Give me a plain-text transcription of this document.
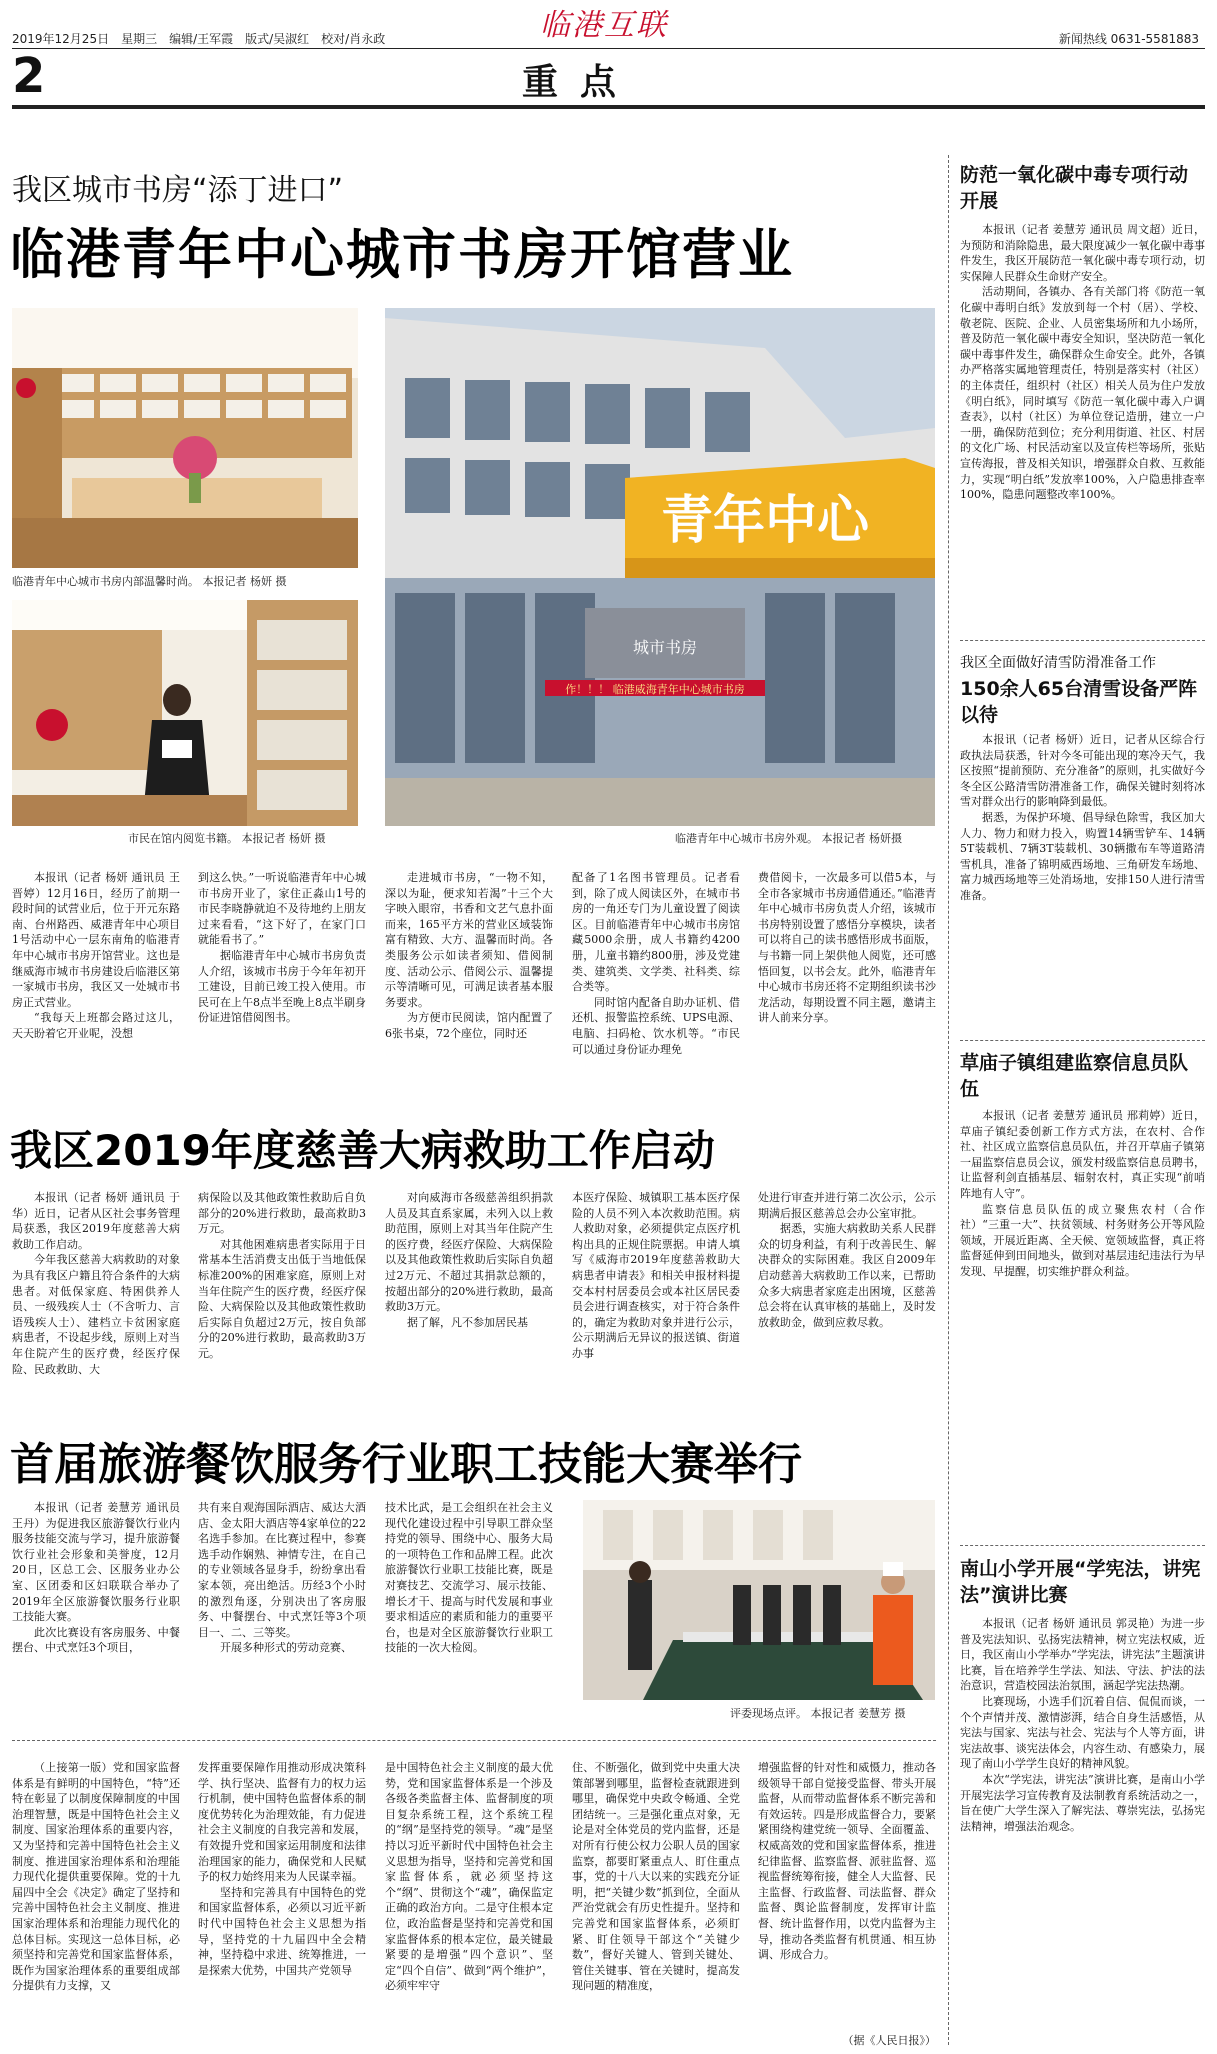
2019年12月25日　星期三　编辑/王军霞　版式/吴淑红　校对/肖永政	临港互联	新闻热线 0631-5581883
2	重点
我区城市书房“添丁进口”
临港青年中心城市书房开馆营业
临港青年中心城市书房内部温馨时尚。 本报记者 杨妍 摄
市民在馆内阅览书籍。 本报记者 杨妍 摄
青年中心
城市书房
作！！！ 临港威海青年中心城市书房
临港青年中心城市书房外观。 本报记者 杨妍摄

本报讯（记者 杨妍 通讯员 王晋婷）12月16日，经历了前期一段时间的试营业后，位于开元东路南、台州路西、威港青年中心项目1号活动中心一层东南角的临港青年中心城市书房开馆营业。这也是继威海市城市书房建设后临港区第一家城市书房，我区又一处城市书房正式营业。

“我每天上班都会路过这儿，天天盼着它开业呢，没想

到这么快。”一听说临港青年中心城市书房开业了，家住正淼山1号的市民李晓静就迫不及待地约上朋友过来看看，“这下好了，在家门口就能看书了。”

据临港青年中心城市书房负责人介绍，该城市书房于今年年初开工建设，目前已竣工投入使用。市民可在上午8点半至晚上8点半刷身份证进馆借阅图书。

走进城市书房，“一物不知，深以为耻，便求知若渴”十三个大字映入眼帘，书香和文艺气息扑面而来，165平方米的营业区域装饰富有精致、大方、温馨而时尚。各类服务公示如读者须知、借阅制度、活动公示、借阅公示、温馨提示等清晰可见，可满足读者基本服务要求。

为方便市民阅读，馆内配置了6张书桌，72个座位，同时还

配备了1名图书管理员。记者看到，除了成人阅读区外，在城市书房的一角还专门为儿童设置了阅读区。目前临港青年中心城市书房馆藏5000余册，成人书籍约4200册，儿童书籍约800册，涉及党建类、建筑类、文学类、社科类、综合类等。

同时馆内配备自助办证机、借还机、报警监控系统、UPS电源、电脑、扫码枪、饮水机等。“市民可以通过身份证办理免

费借阅卡，一次最多可以借5本，与全市各家城市书房通借通还。”临港青年中心城市书房负责人介绍，该城市书房特别设置了感悟分享模块，读者可以将自己的读书感悟形成书面版，与书籍一同上架供他人阅览，还可感悟回复，以书会友。此外，临港青年中心城市书房还将不定期组织读书沙龙活动，每期设置不同主题，邀请主讲人前来分享。

我区2019年度慈善大病救助工作启动

本报讯（记者 杨妍 通讯员 于华）近日，记者从区社会事务管理局获悉，我区2019年度慈善大病救助工作启动。

今年我区慈善大病救助的对象为具有我区户籍且符合条件的大病患者。对低保家庭、特困供养人员、一级残疾人士（不含听力、言语残疾人士）、建档立卡贫困家庭病患者，不设起步线，原则上对当年住院产生的医疗费，经医疗保险、民政救助、大

病保险以及其他政策性救助后自负部分的20%进行救助，最高救助3万元。

对其他困难病患者实际用于日常基本生活消费支出低于当地低保标准200%的困难家庭，原则上对当年住院产生的医疗费，经医疗保险、大病保险以及其他政策性救助后实际自负超过2万元，按自负部分的20%进行救助，最高救助3万元。

对向威海市各级慈善组织捐款人员及其直系家属，未列入以上救助范围，原则上对其当年住院产生的医疗费，经医疗保险、大病保险以及其他政策性救助后实际自负超过2万元、不超过其捐款总额的，按超出部分的20%进行救助，最高救助3万元。

据了解，凡不参加居民基

本医疗保险、城镇职工基本医疗保险的人员不列入本次救助范围。病人救助对象，必须提供定点医疗机构出具的正规住院票据。申请人填写《威海市2019年度慈善救助大病患者申请表》和相关申报材料提交本村村居委员会或本社区居民委员会进行调查核实，对于符合条件的，确定为救助对象并进行公示，公示期满后无异议的报送镇、街道办事

处进行审查并进行第二次公示，公示期满后报区慈善总会办公室审批。

据悉，实施大病救助关系人民群众的切身利益，有利于改善民生、解决群众的实际困难。我区自2009年启动慈善大病救助工作以来，已帮助众多大病患者家庭走出困境，区慈善总会将在认真审核的基础上，及时发放救助金，做到应救尽救。

首届旅游餐饮服务行业职工技能大赛举行

本报讯（记者 姜慧芳 通讯员 王丹）为促进我区旅游餐饮行业内服务技能交流与学习，提升旅游餐饮行业社会形象和美誉度，12月20日，区总工会、区服务业办公室、区团委和区妇联联合举办了2019年全区旅游餐饮服务行业职工技能大赛。

此次比赛设有客房服务、中餐摆台、中式烹饪3个项目，

共有来自观海国际酒店、威达大酒店、金太阳大酒店等4家单位的22名选手参加。在比赛过程中，参赛选手动作娴熟、神情专注，在自己的专业领域各显身手，纷纷拿出看家本领，亮出绝活。历经3个小时的激烈角逐，分别决出了客房服务、中餐摆台、中式烹饪等3个项目一、二、三等奖。

开展多种形式的劳动竞赛、

技术比武，是工会组织在社会主义现代化建设过程中引导职工群众坚持党的领导、围绕中心、服务大局的一项特色工作和品牌工程。此次旅游餐饮行业职工技能比赛，既是对赛技艺、交流学习、展示技能、增长才干、提高与时代发展和事业要求相适应的素质和能力的重要平台，也是对全区旅游餐饮行业职工技能的一次大检阅。

评委现场点评。 本报记者 姜慧芳 摄

（上接第一版）党和国家监督体系是有鲜明的中国特色，“特”还特在彰显了以制度保障制度的中国治理智慧，既是中国特色社会主义制度、国家治理体系的重要内容，又为坚持和完善中国特色社会主义制度、推进国家治理体系和治理能力现代化提供重要保障。党的十九届四中全会《决定》确定了坚持和完善中国特色社会主义制度、推进国家治理体系和治理能力现代化的总体目标。实现这一总体目标，必须坚持和完善党和国家监督体系，既作为国家治理体系的重要组成部分提供有力支撑，又

发挥重要保障作用推动形成决策科学、执行坚决、监督有力的权力运行机制，使中国特色监督体系的制度优势转化为治理效能，有力促进社会主义制度的自我完善和发展，有效提升党和国家运用制度和法律治理国家的能力，确保党和人民赋予的权力始终用来为人民谋幸福。

坚持和完善具有中国特色的党和国家监督体系，必须以习近平新时代中国特色社会主义思想为指导，坚持党的十九届四中全会精神，坚持稳中求进、统筹推进，一是探索大优势，中国共产党领导

是中国特色社会主义制度的最大优势，党和国家监督体系是一个涉及各级各类监督主体、监督制度的项目复杂系统工程，这个系统工程的“纲”是坚持党的领导。“魂”是坚持以习近平新时代中国特色社会主义思想为指导，坚持和完善党和国家监督体系，就必须坚持这个“纲”、贯彻这个“魂”，确保监定正确的政治方向。二是守住根本定位，政治监督是坚持和完善党和国家监督体系的根本定位，最关键最紧要的是増强“四个意识”、坚定“四个自信”、做到“两个维护”，必须牢牢守

住、不断强化，做到党中央重大决策部署到哪里，监督检查就跟进到哪里，确保党中央政令畅通、全党团结统一。三是强化重点对象，无论是对全体党员的党内监督，还是对所有行使公权力公职人员的国家监察，都要盯紧重点人、盯住重点事，党的十八大以来的实践充分证明，把“关键少数”抓到位，全面从严治党就会有历史性提升。坚持和完善党和国家监督体系，必须盯紧、盯住领导干部这个“关键少数”，督好关键人、管到关键处、管住关键事、管在关键时，提高发现问题的精准度，

增强监督的针对性和威慑力，推动各级领导干部自觉接受监督、带头开展监督，从而带动监督体系不断完善和有效运转。四是形成监督合力，要紧紧围绕构建党统一领导、全面覆盖、权威高效的党和国家监督体系，推进纪律监督、监察监督、派驻监督、巡视监督统筹衔接，健全人大监督、民主监督、行政监督、司法监督、群众监督、舆论监督制度，发挥审计监督、统计监督作用，以党内监督为主导，推动各类监督有机贯通、相互协调、形成合力。

（据《人民日报》）
防范一氧化碳中毒专项行动开展

本报讯（记者 姜慧芳 通讯员 周文超）近日，为预防和消除隐患，最大限度减少一氧化碳中毒事件发生，我区开展防范一氧化碳中毒专项行动，切实保障人民群众生命财产安全。

活动期间，各镇办、各有关部门将《防范一氧化碳中毒明白纸》发放到每一个村（居）、学校、敬老院、医院、企业、人员密集场所和九小场所，普及防范一氧化碳中毒安全知识，坚决防范一氧化碳中毒事件发生，确保群众生命安全。此外，各镇办严格落实属地管理责任，特别是落实村（社区）的主体责任，组织村（社区）相关人员为住户发放《明白纸》，同时填写《防范一氧化碳中毒入户调查表》，以村（社区）为单位登记造册，建立一户一册，确保防范到位；充分利用街道、社区、村居的文化广场、村民活动室以及宣传栏等场所，张贴宣传海报，普及相关知识，增强群众自救、互救能力，实现“明白纸”发放率100%，入户隐患排查率100%，隐患问题整改率100%。

我区全面做好清雪防滑准备工作
150余人65台清雪设备严阵以待

本报讯（记者 杨妍）近日，记者从区综合行政执法局获悉，针对今冬可能出现的寒冷天气，我区按照“提前预防、充分准备”的原则，扎实做好今冬全区公路清雪防滑准备工作，确保关键时刻将冰雪对群众出行的影响降到最低。

据悉，为保护环境、倡导绿色除雪，我区加大人力、物力和财力投入，购置14辆雪铲车、14辆5T装载机、7辆3T装载机、30辆撒布车等道路清雪机具，准备了锦明威西场地、三角研发车场地、富力城西场地等三处消场地，安排150人进行清雪准备。

草庙子镇组建监察信息员队伍

本报讯（记者 姜慧芳 通讯员 邢莉婷）近日，草庙子镇纪委创新工作方式方法，在农村、合作社、社区成立监察信息员队伍，并召开草庙子镇第一届监察信息员会议，颁发村级监察信息员聘书，让监督利剑直插基层、辐射农村，真正实现“前哨阵地有人守”。

监察信息员队伍的成立聚焦农村（合作社）“三重一大”、扶贫领域、村务财务公开等风险领域，开展近距离、全天候、宽领域监督，真正将监督延伸到田间地头，做到对基层违纪违法行为早发现、早提醒，切实维护群众利益。

南山小学开展“学宪法，讲宪法”演讲比赛

本报讯（记者 杨妍 通讯员 郭灵艳）为进一步普及宪法知识、弘扬宪法精神，树立宪法权威，近日，我区南山小学举办“学宪法，讲宪法”主题演讲比赛，旨在培养学生学法、知法、守法、护法的法治意识，营造校园法治氛围，涵起学宪法热潮。

比赛现场，小选手们沉着自信、侃侃而谈，一个个声情并茂、激情澎湃，结合自身生活感悟，从宪法与国家、宪法与社会、宪法与个人等方面，讲宪法故事、谈宪法体会，内容生动、有感染力，展现了南山小学学生良好的精神风貌。

本次“学宪法，讲宪法”演讲比赛，是南山小学开展宪法学习宣传教育及法制教育系统活动之一，旨在使广大学生深入了解宪法、尊崇宪法，弘扬宪法精神，增强法治观念。
